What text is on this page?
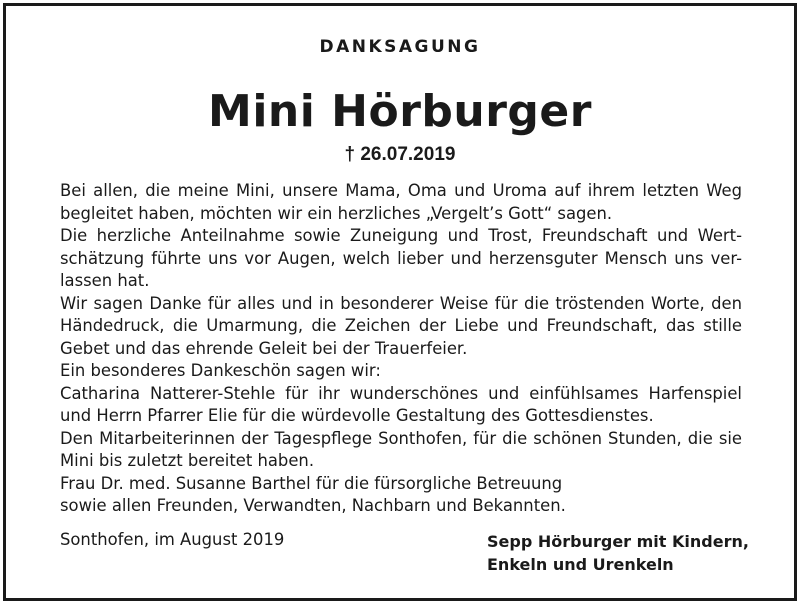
DANKSAGUNG
Mini Hörburger
† 26.07.2019
Bei allen, die meine Mini, unsere Mama, Oma und Uroma auf ihrem letzten Weg
begleitet haben, möchten wir ein herzliches „Vergelt’s Gott“ sagen.
Die herzliche Anteilnahme sowie Zuneigung und Trost, Freundschaft und Wert-
schätzung führte uns vor Augen, welch lieber und herzensguter Mensch uns ver-
lassen hat.
Wir sagen Danke für alles und in besonderer Weise für die tröstenden Worte, den
Händedruck, die Umarmung, die Zeichen der Liebe und Freundschaft, das stille
Gebet und das ehrende Geleit bei der Trauerfeier.
Ein besonderes Dankeschön sagen wir:
Catharina Natterer-Stehle für ihr wunderschönes und einfühlsames Harfenspiel
und Herrn Pfarrer Elie für die würdevolle Gestaltung des Gottesdienstes.
Den Mitarbeiterinnen der Tagespflege Sonthofen, für die schönen Stunden, die sie
Mini bis zuletzt bereitet haben.
Frau Dr. med. Susanne Barthel für die fürsorgliche Betreuung
sowie allen Freunden, Verwandten, Nachbarn und Bekannten.
Sonthofen, im August 2019	Sepp Hörburger mit Kindern,
Enkeln und Urenkeln
